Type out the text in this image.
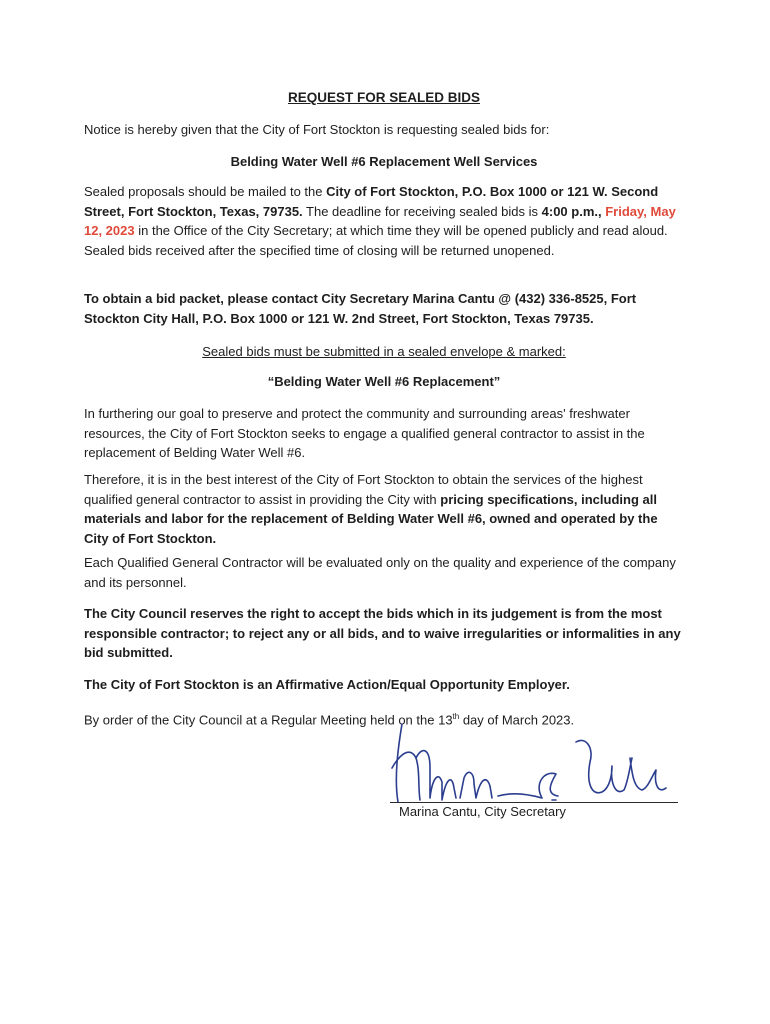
REQUEST FOR SEALED BIDS
Notice is hereby given that the City of Fort Stockton is requesting sealed bids for:
Belding Water Well #6 Replacement Well Services
Sealed proposals should be mailed to the City of Fort Stockton, P.O. Box 1000 or 121 W. Second Street, Fort Stockton, Texas, 79735. The deadline for receiving sealed bids is 4:00 p.m., Friday, May 12, 2023 in the Office of the City Secretary; at which time they will be opened publicly and read aloud. Sealed bids received after the specified time of closing will be returned unopened.
To obtain a bid packet, please contact City Secretary Marina Cantu @ (432) 336-8525, Fort Stockton City Hall, P.O. Box 1000 or 121 W. 2nd Street, Fort Stockton, Texas 79735.
Sealed bids must be submitted in a sealed envelope & marked:
“Belding Water Well #6 Replacement”
In furthering our goal to preserve and protect the community and surrounding areas' freshwater resources, the City of Fort Stockton seeks to engage a qualified general contractor to assist in the replacement of Belding Water Well #6.
Therefore, it is in the best interest of the City of Fort Stockton to obtain the services of the highest qualified general contractor to assist in providing the City with pricing specifications, including all materials and labor for the replacement of Belding Water Well #6, owned and operated by the City of Fort Stockton.
Each Qualified General Contractor will be evaluated only on the quality and experience of the company and its personnel.
The City Council reserves the right to accept the bids which in its judgement is from the most responsible contractor; to reject any or all bids, and to waive irregularities or informalities in any bid submitted.
The City of Fort Stockton is an Affirmative Action/Equal Opportunity Employer.
By order of the City Council at a Regular Meeting held on the 13th day of March 2023.
Marina Cantu, City Secretary
